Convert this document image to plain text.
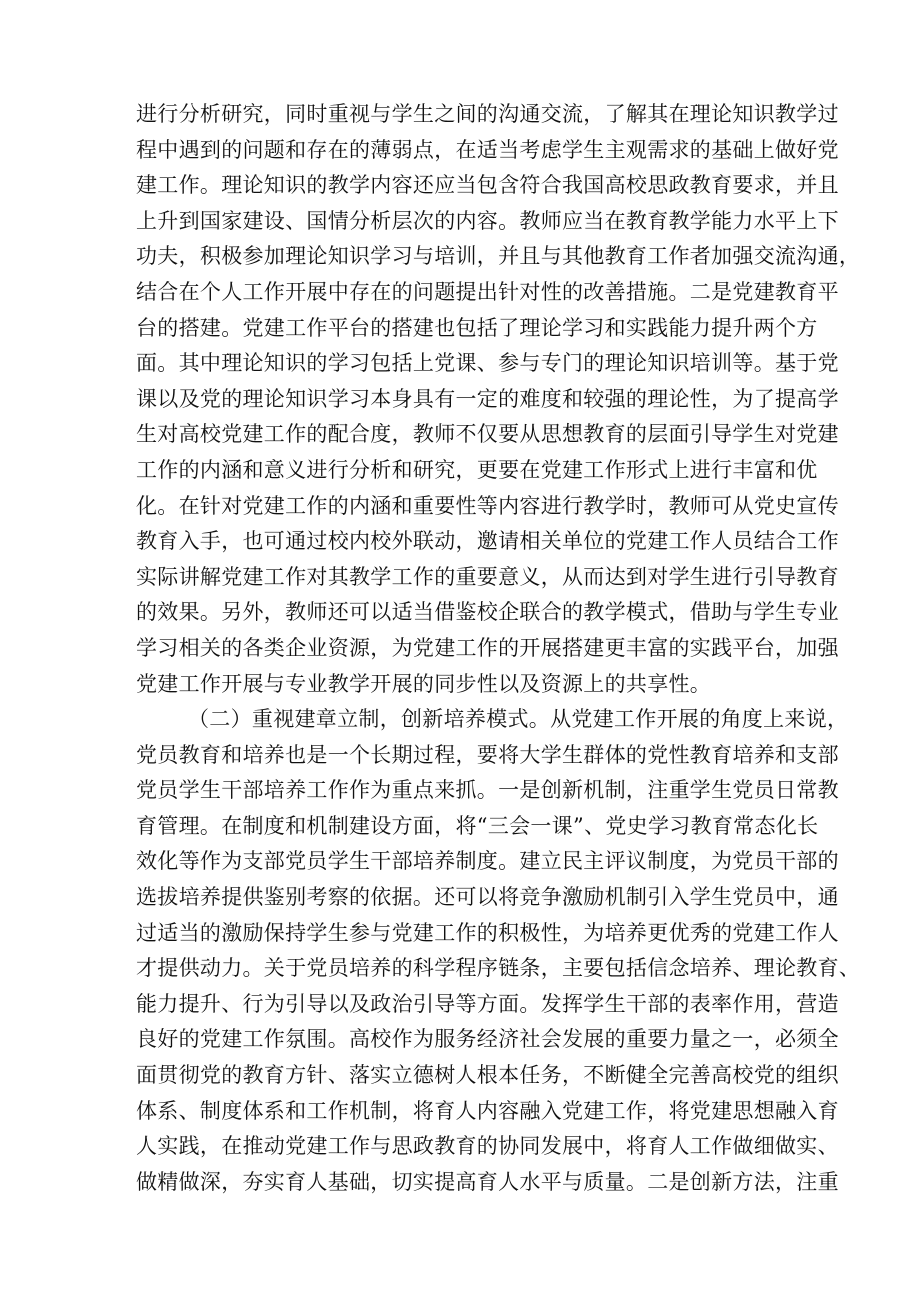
进行分析研究，同时重视与学生之间的沟通交流，了解其在理论知识教学过
程中遇到的问题和存在的薄弱点，在适当考虑学生主观需求的基础上做好党
建工作。理论知识的教学内容还应当包含符合我国高校思政教育要求，并且
上升到国家建设、国情分析层次的内容。教师应当在教育教学能力水平上下
功夫，积极参加理论知识学习与培训，并且与其他教育工作者加强交流沟通，
结合在个人工作开展中存在的问题提出针对性的改善措施。二是党建教育平
台的搭建。党建工作平台的搭建也包括了理论学习和实践能力提升两个方
面。其中理论知识的学习包括上党课、参与专门的理论知识培训等。基于党
课以及党的理论知识学习本身具有一定的难度和较强的理论性，为了提高学
生对高校党建工作的配合度，教师不仅要从思想教育的层面引导学生对党建
工作的内涵和意义进行分析和研究，更要在党建工作形式上进行丰富和优
化。在针对党建工作的内涵和重要性等内容进行教学时，教师可从党史宣传
教育入手，也可通过校内校外联动，邀请相关单位的党建工作人员结合工作
实际讲解党建工作对其教学工作的重要意义，从而达到对学生进行引导教育
的效果。另外，教师还可以适当借鉴校企联合的教学模式，借助与学生专业
学习相关的各类企业资源，为党建工作的开展搭建更丰富的实践平台，加强
党建工作开展与专业教学开展的同步性以及资源上的共享性。
（二）重视建章立制，创新培养模式。从党建工作开展的角度上来说，
党员教育和培养也是一个长期过程，要将大学生群体的党性教育培养和支部
党员学生干部培养工作作为重点来抓。一是创新机制，注重学生党员日常教
育管理。在制度和机制建设方面，将“三会一课”、党史学习教育常态化长
效化等作为支部党员学生干部培养制度。建立民主评议制度，为党员干部的
选拔培养提供鉴别考察的依据。还可以将竞争激励机制引入学生党员中，通
过适当的激励保持学生参与党建工作的积极性，为培养更优秀的党建工作人
才提供动力。关于党员培养的科学程序链条，主要包括信念培养、理论教育、
能力提升、行为引导以及政治引导等方面。发挥学生干部的表率作用，营造
良好的党建工作氛围。高校作为服务经济社会发展的重要力量之一，必须全
面贯彻党的教育方针、落实立德树人根本任务，不断健全完善高校党的组织
体系、制度体系和工作机制，将育人内容融入党建工作，将党建思想融入育
人实践，在推动党建工作与思政教育的协同发展中，将育人工作做细做实、
做精做深，夯实育人基础，切实提高育人水平与质量。二是创新方法，注重
